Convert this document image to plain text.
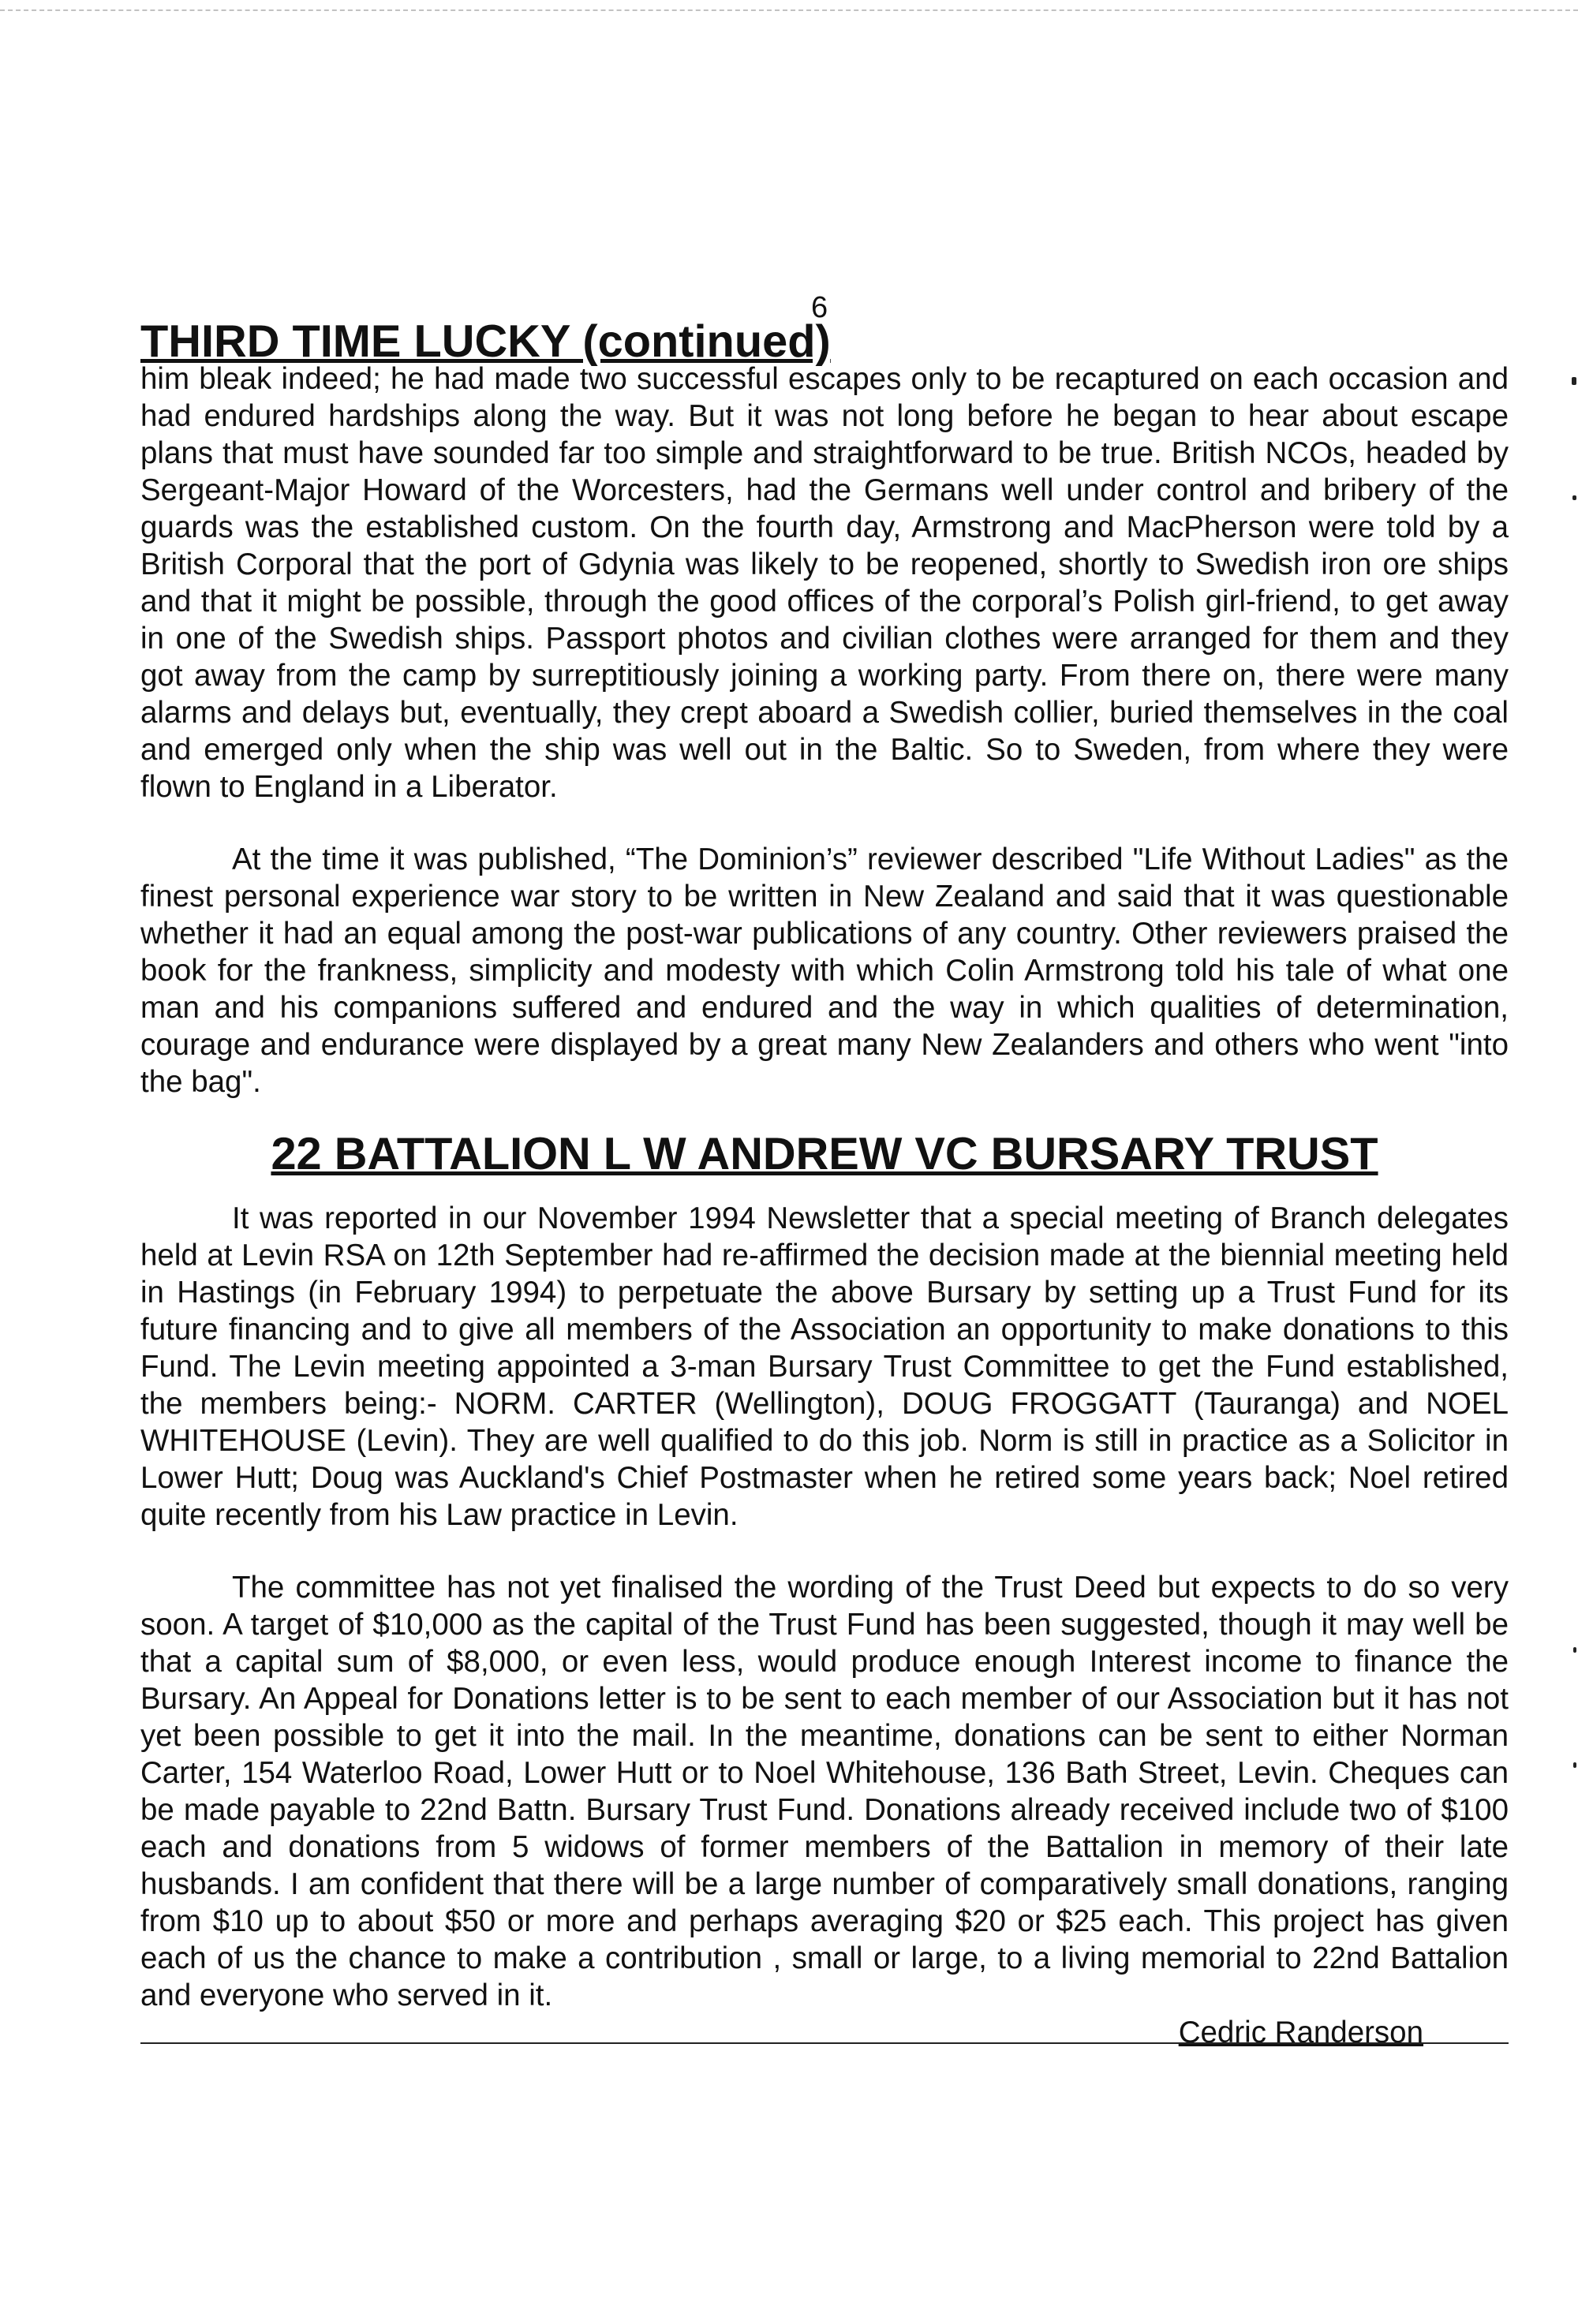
6
THIRD TIME LUCKY (continued)

him bleak indeed; he had made two successful escapes only to be recaptured on each occasion and had endured hardships along the way. But it was not long before he began to hear about escape plans that must have sounded far too simple and straightforward to be true. British NCOs, headed by Sergeant-Major Howard of the Worcesters, had the Germans well under control and bribery of the guards was the established custom. On the fourth day, Armstrong and MacPherson were told by a British Corporal that the port of Gdynia was likely to be reopened, shortly to Swedish iron ore ships and that it might be possible, through the good offices of the corporal’s Polish girl-friend, to get away in one of the Swedish ships. Passport photos and civilian clothes were arranged for them and they got away from the camp by surreptitiously joining a working party. From there on, there were many alarms and delays but, eventually, they crept aboard a Swedish collier, buried themselves in the coal and emerged only when the ship was well out in the Baltic. So to Sweden, from where they were flown to England in a Liberator.

At the time it was published, “The Dominion’s” reviewer described "Life Without Ladies" as the finest personal experience war story to be written in New Zealand and said that it was questionable whether it had an equal among the post-war publications of any country. Other reviewers praised the book for the frankness, simplicity and modesty with which Colin Armstrong told his tale of what one man and his companions suffered and endured and the way in which qualities of determination, courage and endurance were displayed by a great many New Zealanders and others who went "into the bag".

22 BATTALION L W ANDREW VC BURSARY TRUST

It was reported in our November 1994 Newsletter that a special meeting of Branch delegates held at Levin RSA on 12th September had re-affirmed the decision made at the biennial meeting held in Hastings (in February 1994) to perpetuate the above Bursary by setting up a Trust Fund for its future financing and to give all members of the Association an opportunity to make donations to this Fund. The Levin meeting appointed a 3-man Bursary Trust Committee to get the Fund established, the members being:- NORM. CARTER (Wellington), DOUG FROGGATT (Tauranga) and NOEL WHITEHOUSE (Levin). They are well qualified to do this job. Norm is still in practice as a Solicitor in Lower Hutt; Doug was Auckland's Chief Postmaster when he retired some years back; Noel retired quite recently from his Law practice in Levin.

The committee has not yet finalised the wording of the Trust Deed but expects to do so very soon. A target of $10,000 as the capital of the Trust Fund has been suggested, though it may well be that a capital sum of $8,000, or even less, would produce enough Interest income to finance the Bursary. An Appeal for Donations letter is to be sent to each member of our Association but it has not yet been possible to get it into the mail. In the meantime, donations can be sent to either Norman Carter, 154 Waterloo Road, Lower Hutt or to Noel Whitehouse, 136 Bath Street, Levin. Cheques can be made payable to 22nd Battn. Bursary Trust Fund. Donations already received include two of $100 each and donations from 5 widows of former members of the Battalion in memory of their late husbands. I am confident that there will be a large number of comparatively small donations, ranging from $10 up to about $50 or more and perhaps averaging $20 or $25 each. This project has given each of us the chance to make a contribution , small or large, to a living memorial to 22nd Battalion and everyone who served in it.

Cedric Randerson
